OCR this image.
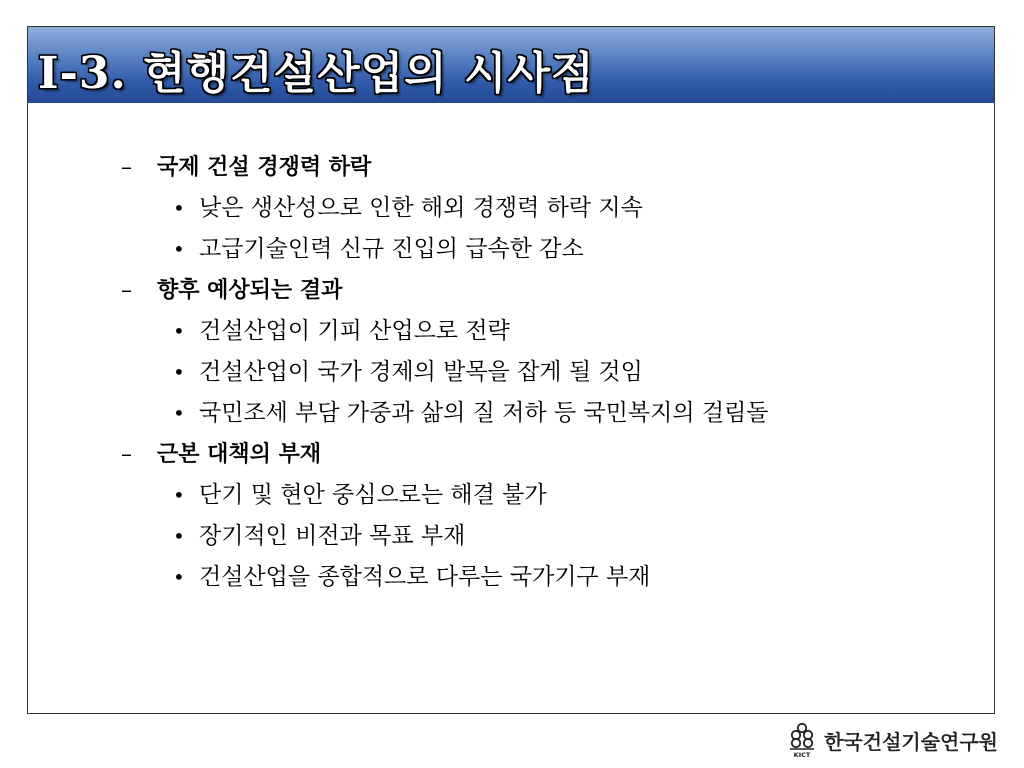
Ⅰ-3. 현행건설산업의 시사점
– 국제 건설 경쟁력 하락
• 낮은 생산성으로 인한 해외 경쟁력 하락 지속
• 고급기술인력 신규 진입의 급속한 감소
– 향후 예상되는 결과
• 건설산업이 기피 산업으로 전략
• 건설산업이 국가 경제의 발목을 잡게 될 것임
• 국민조세 부담 가중과 삶의 질 저하 등 국민복지의 걸림돌
– 근본 대책의 부재
• 단기 및 현안 중심으로는 해결 불가
• 장기적인 비전과 목표 부재
• 건설산업을 종합적으로 다루는 국가기구 부재
KICT
한국건설기술연구원
